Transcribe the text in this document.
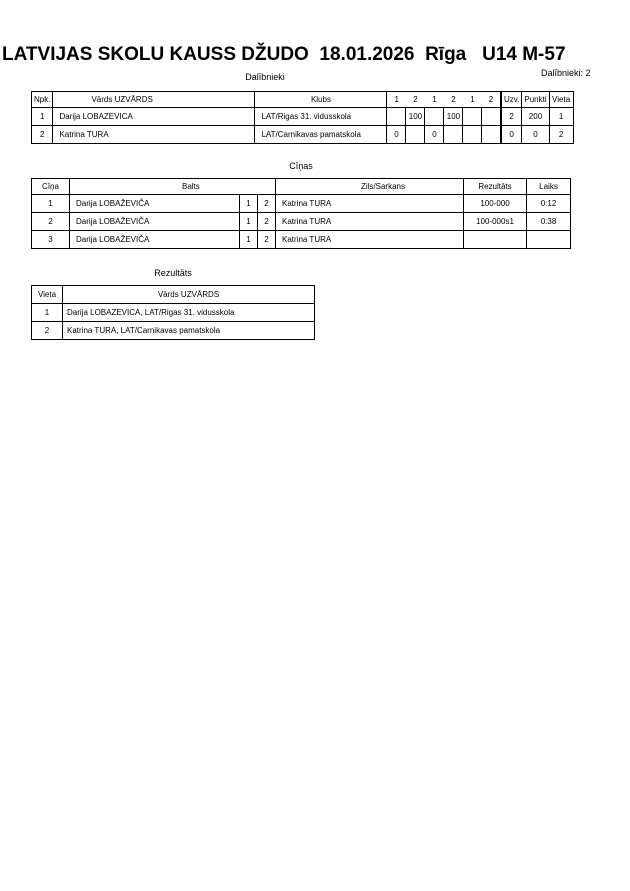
LATVIJAS SKOLU KAUSS DŽUDO 18.01.2026 Rīga U14 M-57
Dalībnieki	Dalībnieki: 2
Npk.	Vārds UZVĀRDS	Klubs	1	2	1	2	1	2	Uzv.	Punkti	Vieta
1	Darija LOBAZEVICA	LAT/Rigas 31. vidusskola		100		100			2	200	1
2	Katrina TURA	LAT/Carnikavas pamatskola	0		0				0	0	2
Cīņas
Cīņa	Balts			Zils/Sarkans	Rezultāts	Laiks
1	Darija LOBAŽEVIČA	1	2	Katrina TURA	100-000	0:12
2	Darija LOBAŽEVIČA	1	2	Katrina TURA	100-000s1	0:38
3	Darija LOBAŽEVIČA	1	2	Katrina TURA		
Rezultāts
Vieta	Vārds UZVĀRDS
1	Darija LOBAZEVICA, LAT/Rigas 31. vidusskola
2	Katrina TURA, LAT/Carnikavas pamatskola
